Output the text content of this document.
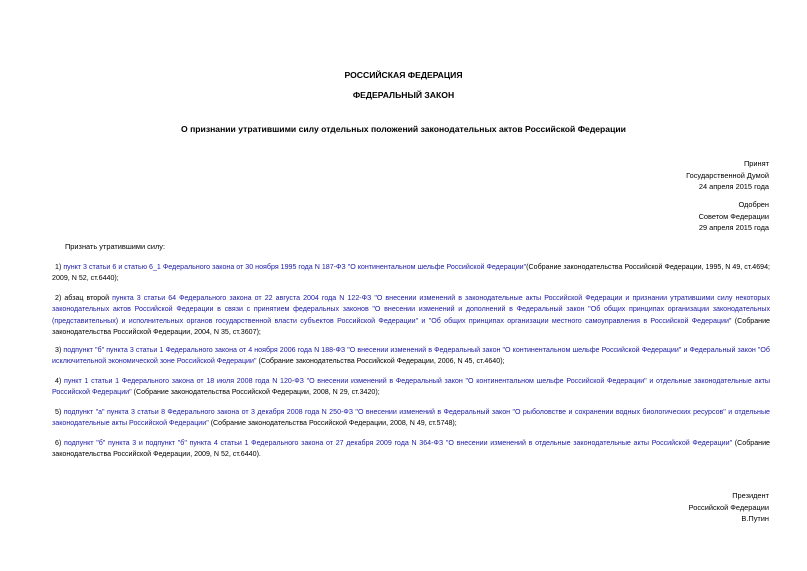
РОССИЙСКАЯ ФЕДЕРАЦИЯ
ФЕДЕРАЛЬНЫЙ ЗАКОН
О признании утратившими силу отдельных положений законодательных актов Российской Федерации
Принят
Государственной Думой
24 апреля 2015 года
Одобрен
Советом Федерации
29 апреля 2015 года
Признать утратившими силу:
1) пункт 3 статьи 6 и статью 6_1 Федерального закона от 30 ноября 1995 года N 187-ФЗ "О континентальном шельфе Российской Федерации"(Собрание законодательства Российской Федерации, 1995, N 49, ст.4694; 2009, N 52, ст.6440);
2) абзац второй пункта 3 статьи 64 Федерального закона от 22 августа 2004 года N 122-ФЗ "О внесении изменений в законодательные акты Российской Федерации и признании утратившими силу некоторых законодательных актов Российской Федерации в связи с принятием федеральных законов "О внесении изменений и дополнений в Федеральный закон "Об общих принципах организации законодательных (представительных) и исполнительных органов государственной власти субъектов Российской Федерации" и "Об общих принципах организации местного самоуправления в Российской Федерации" (Собрание законодательства Российской Федерации, 2004, N 35, ст.3607);
3) подпункт "б" пункта 3 статьи 1 Федерального закона от 4 ноября 2006 года N 188-ФЗ "О внесении изменений в Федеральный закон "О континентальном шельфе Российской Федерации" и Федеральный закон "Об исключительной экономической зоне Российской Федерации" (Собрание законодательства Российской Федерации, 2006, N 45, ст.4640);
4) пункт 1 статьи 1 Федерального закона от 18 июля 2008 года N 120-ФЗ "О внесении изменений в Федеральный закон "О континентальном шельфе Российской Федерации" и отдельные законодательные акты Российской Федерации" (Собрание законодательства Российской Федерации, 2008, N 29, ст.3420);
5) подпункт "а" пункта 3 статьи 8 Федерального закона от 3 декабря 2008 года N 250-ФЗ "О внесении изменений в Федеральный закон "О рыболовстве и сохранении водных биологических ресурсов" и отдельные законодательные акты Российской Федерации" (Собрание законодательства Российской Федерации, 2008, N 49, ст.5748);
6) подпункт "б" пункта 3 и подпункт "б" пункта 4 статьи 1 Федерального закона от 27 декабря 2009 года N 364-ФЗ "О внесении изменений в отдельные законодательные акты Российской Федерации" (Собрание законодательства Российской Федерации, 2009, N 52, ст.6440).
Президент
Российской Федерации
В.Путин
